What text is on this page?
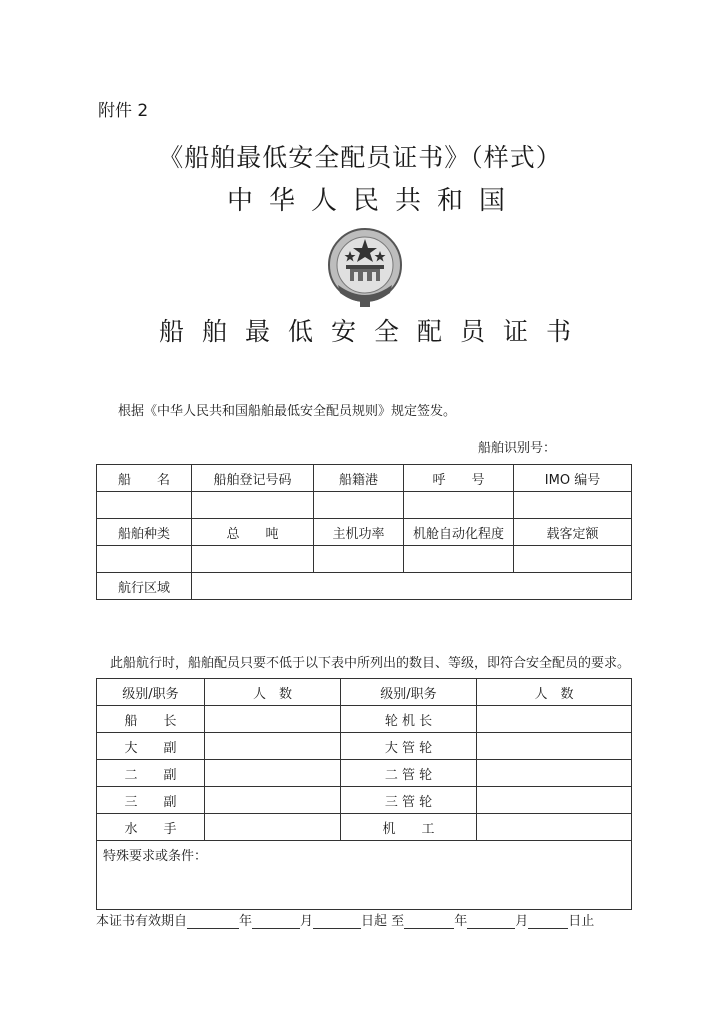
附件 2
《船舶最低安全配员证书》（样式）
中华人民共和国
船舶最低安全配员证书
根据《中华人民共和国船舶最低安全配员规则》规定签发。
船舶识别号：
船　　名	船舶登记号码	船籍港	呼　　号	IMO 编号

船舶种类	总　　吨	主机功率	机舱自动化程度	载客定额

航行区域				
此船航行时，船舶配员只要不低于以下表中所列出的数目、等级，即符合安全配员的要求。
级别/职务	人　数	级别/职务	人　数
船　　长		轮 机 长	
大　　副		大 管 轮	
二　　副		二 管 轮	
三　　副		三 管 轮	
水　　手		机　　工	
特殊要求或条件：			
本证书有效期自	年	月	日起 至	年	月	日止
